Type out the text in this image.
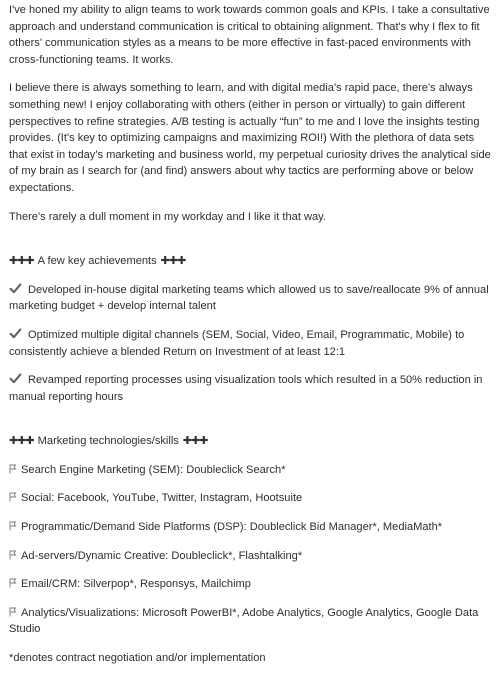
I've honed my ability to align teams to work towards common goals and KPIs. I take a consultative approach and understand communication is critical to obtaining alignment. That's why I flex to fit others' communication styles as a means to be more effective in fast-paced environments with cross-functioning teams. It works.

I believe there is always something to learn, and with digital media's rapid pace, there's always something new! I enjoy collaborating with others (either in person or virtually) to gain different perspectives to refine strategies. A/B testing is actually “fun” to me and I love the insights testing provides. (It's key to optimizing campaigns and maximizing ROI!) With the plethora of data sets that exist in today's marketing and business world, my perpetual curiosity drives the analytical side of my brain as I search for (and find) answers about why tactics are performing above or below expectations.

There's rarely a dull moment in my workday and I like it that way.

✚✚✚ A few key achievements ✚✚✚
Developed in-house digital marketing teams which allowed us to save/reallocate 9% of annual marketing budget + develop internal talent
Optimized multiple digital channels (SEM, Social, Video, Email, Programmatic, Mobile) to consistently achieve a blended Return on Investment of at least 12:1
Revamped reporting processes using visualization tools which resulted in a 50% reduction in manual reporting hours
✚✚✚ Marketing technologies/skills ✚✚✚
Search Engine Marketing (SEM): Doubleclick Search*
Social: Facebook, YouTube, Twitter, Instagram, Hootsuite
Programmatic/Demand Side Platforms (DSP): Doubleclick Bid Manager*, MediaMath*
Ad-servers/Dynamic Creative: Doubleclick*, Flashtalking*
Email/CRM: Silverpop*, Responsys, Mailchimp
Analytics/Visualizations: Microsoft PowerBI*, Adobe Analytics, Google Analytics, Google Data Studio

*denotes contract negotiation and/or implementation
